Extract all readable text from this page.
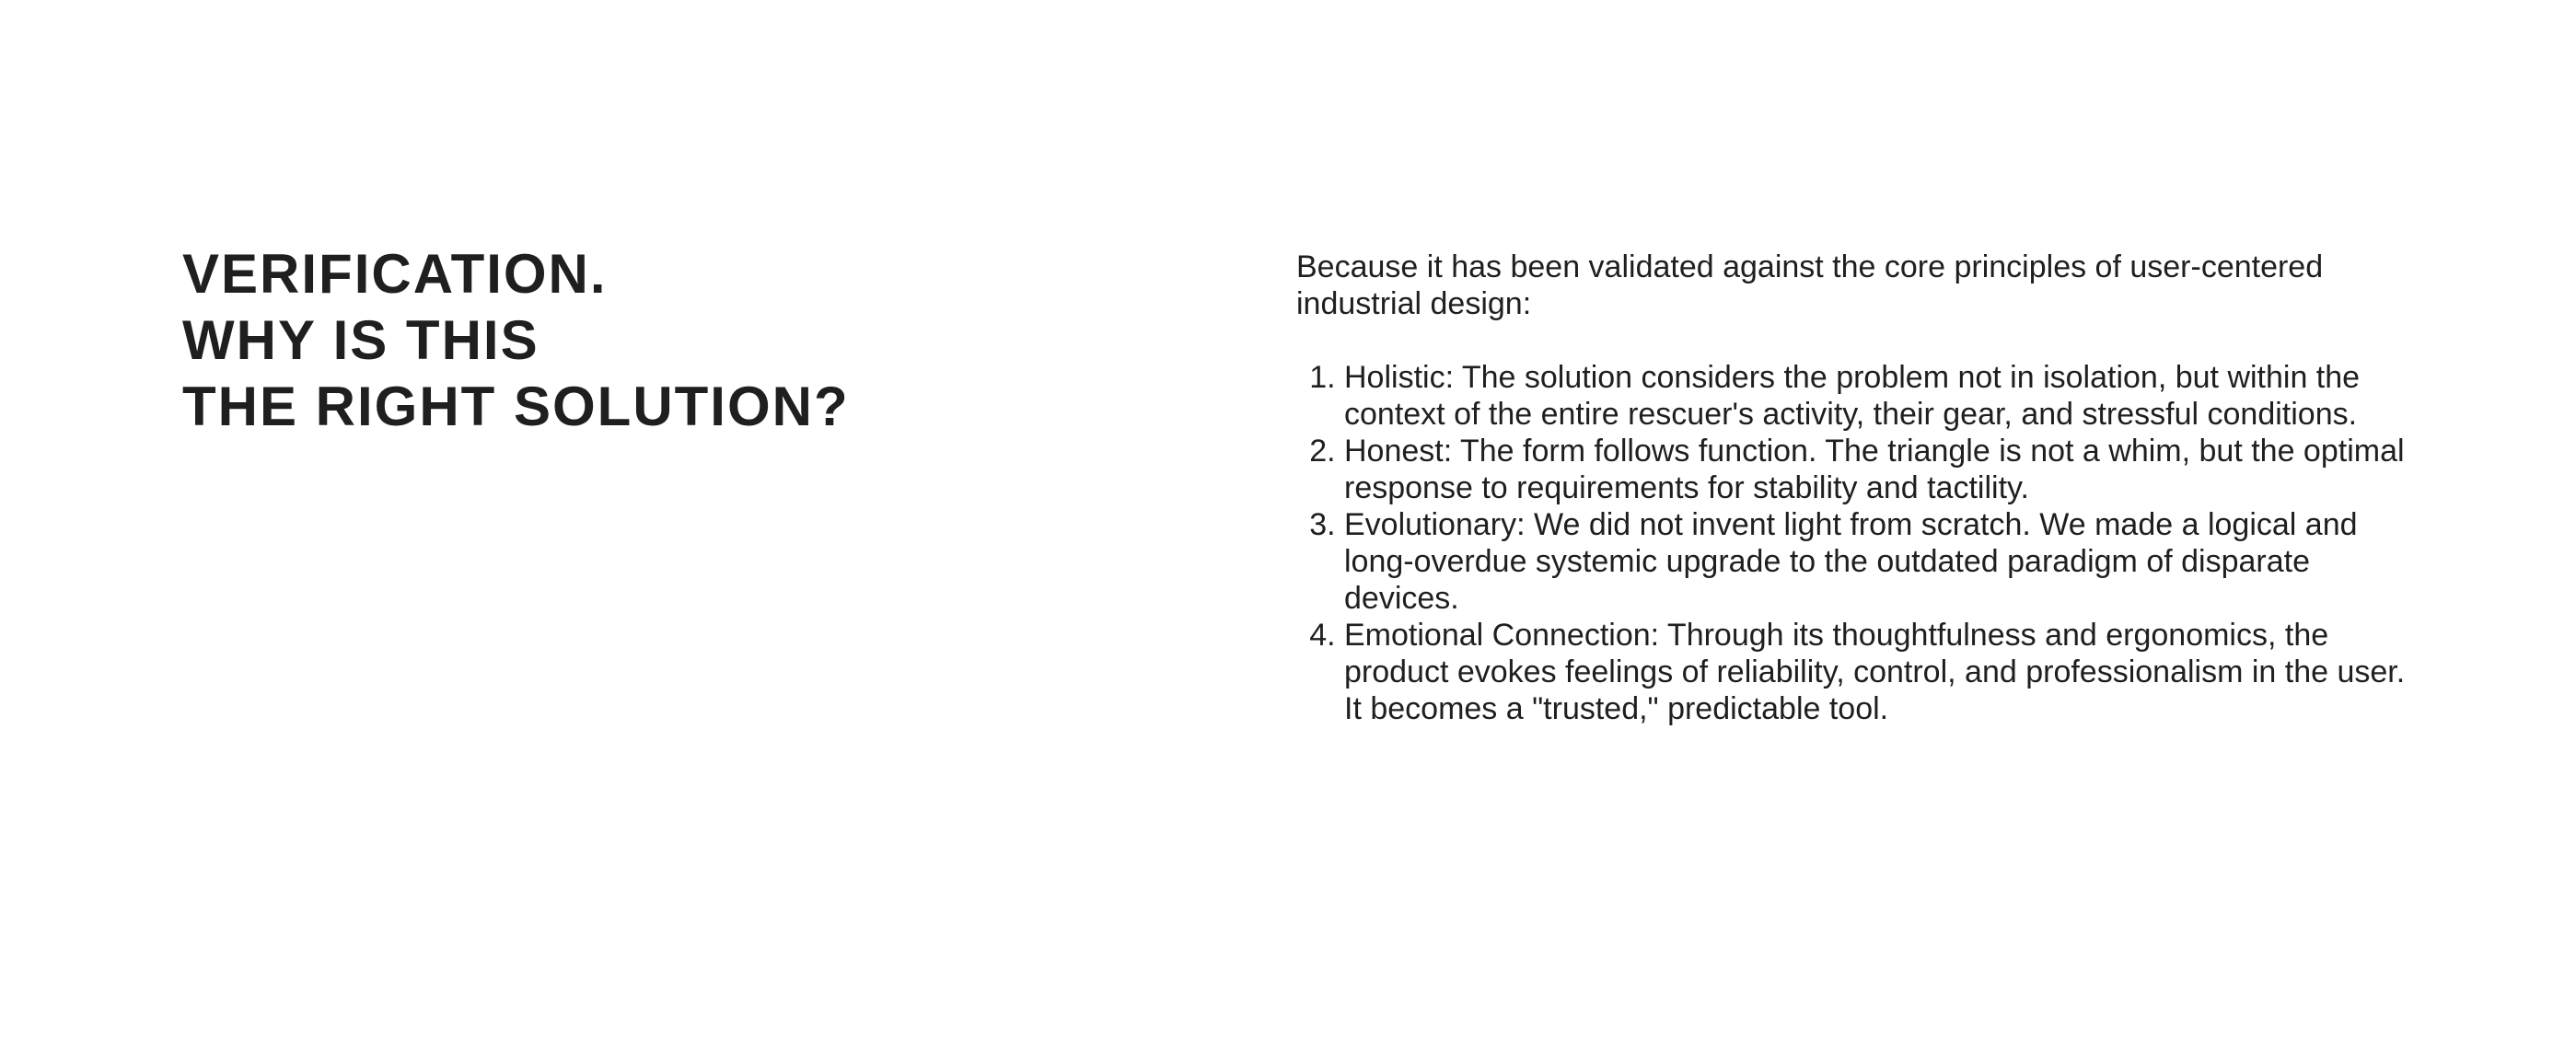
VERIFICATION.
WHY IS THIS
THE RIGHT SOLUTION?

Because it has been validated against the core principles of user-centered industrial design:

1. Holistic: The solution considers the problem not in isolation, but within the context of the entire rescuer's activity, their gear, and stressful conditions.
2. Honest: The form follows function. The triangle is not a whim, but the optimal response to requirements for stability and tactility.
3. Evolutionary: We did not invent light from scratch. We made a logical and long-overdue systemic upgrade to the outdated paradigm of disparate devices.
4. Emotional Connection: Through its thoughtfulness and ergonomics, the product evokes feelings of reliability, control, and professionalism in the user. It becomes a "trusted," predictable tool.
